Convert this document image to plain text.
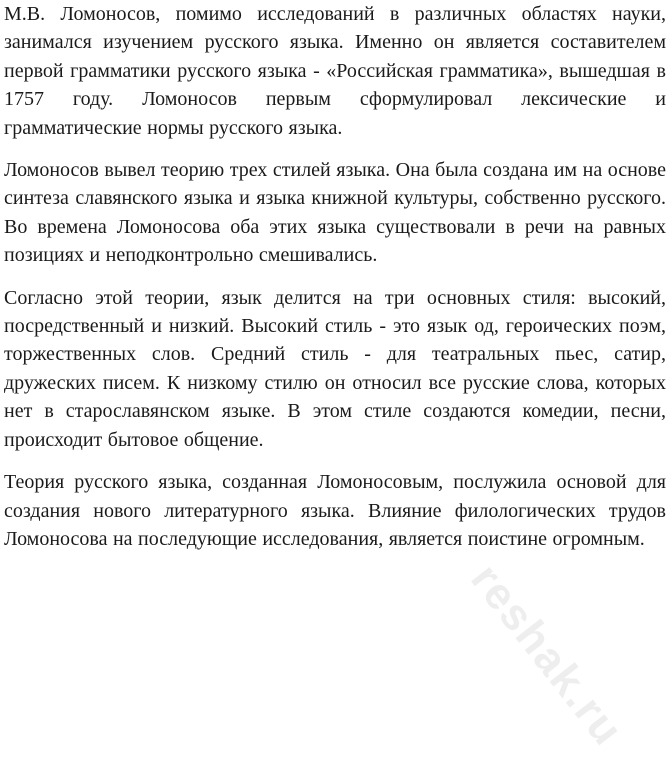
М.В. Ломоносов, помимо исследований в различных областях науки, занимался изучением русского языка. Именно он является составителем первой грамматики русского языка - «Российская грамматика», вышедшая в 1757 году. Ломоносов первым сформулировал лексические и грамматические нормы русского языка.

Ломоносов вывел теорию трех стилей языка. Она была создана им на основе синтеза славянского языка и языка книжной культуры, собственно русского. Во времена Ломоносова оба этих языка существовали в речи на равных позициях и неподконтрольно смешивались.

Согласно этой теории, язык делится на три основных стиля: высокий, посредственный и низкий. Высокий стиль - это язык од, героических поэм, торжественных слов. Средний стиль - для театральных пьес, сатир, дружеских писем. К низкому стилю он относил все русские слова, которых нет в старославянском языке. В этом стиле создаются комедии, песни, происходит бытовое общение.

Теория русского языка, созданная Ломоносовым, послужила основой для создания нового литературного языка. Влияние филологических трудов Ломоносова на последующие исследования, является поистине огромным.

reshak.ru
